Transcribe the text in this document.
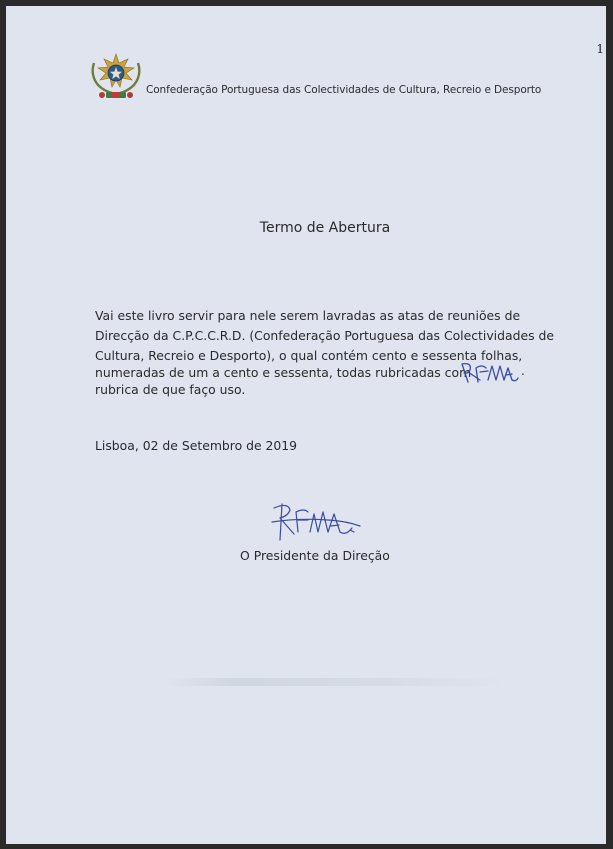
1
Confederação Portuguesa das Colectividades de Cultura, Recreio e Desporto
Termo de Abertura
Vai este livro servir para nele serem lavradas as atas de reuniões de
Direcção da C.P.C.C.R.D. (Confederação Portuguesa das Colectividades de
Cultura, Recreio e Desporto), o qual contém cento e sessenta folhas,
numeradas de um a cento e sessenta, todas rubricadas com
rubrica de que faço uso.
.
Lisboa, 02 de Setembro de 2019
O Presidente da Direção
